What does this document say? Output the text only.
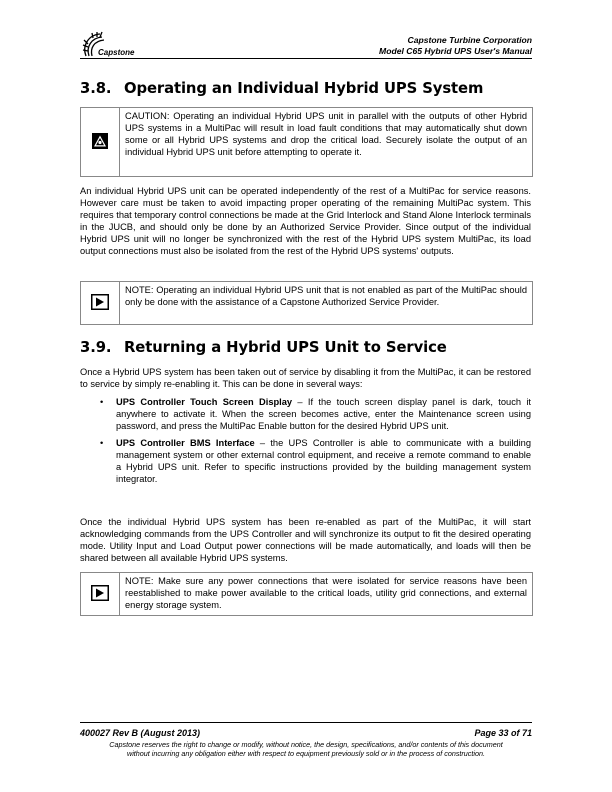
Capstone
Capstone Turbine Corporation
Model C65 Hybrid UPS User's Manual
3.8. Operating an Individual Hybrid UPS System
CAUTION: Operating an individual Hybrid UPS unit in parallel with the outputs of other Hybrid UPS systems in a MultiPac will result in load fault conditions that may automatically shut down some or all Hybrid UPS systems and drop the critical load. Securely isolate the output of an individual Hybrid UPS unit before attempting to operate it.

An individual Hybrid UPS unit can be operated independently of the rest of a MultiPac for service reasons. However care must be taken to avoid impacting proper operating of the remaining MultiPac system. This requires that temporary control connections be made at the Grid Interlock and Stand Alone Interlock terminals in the JUCB, and should only be done by an Authorized Service Provider. Since output of the individual Hybrid UPS unit will no longer be synchronized with the rest of the Hybrid UPS system MultiPac, its load output connections must also be isolated from the rest of the Hybrid UPS systems' outputs.

NOTE: Operating an individual Hybrid UPS unit that is not enabled as part of the MultiPac should only be done with the assistance of a Capstone Authorized Service Provider.
3.9. Returning a Hybrid UPS Unit to Service

Once a Hybrid UPS system has been taken out of service by disabling it from the MultiPac, it can be restored to service by simply re-enabling it. This can be done in several ways:

• UPS Controller Touch Screen Display – If the touch screen display panel is dark, touch it anywhere to activate it. When the screen becomes active, enter the Maintenance screen using password, and press the MultiPac Enable button for the desired Hybrid UPS unit.
• UPS Controller BMS Interface – the UPS Controller is able to communicate with a building management system or other external control equipment, and receive a remote command to enable a Hybrid UPS unit. Refer to specific instructions provided by the building management system integrator.

Once the individual Hybrid UPS system has been re-enabled as part of the MultiPac, it will start acknowledging commands from the UPS Controller and will synchronize its output to fit the desired operating mode. Utility Input and Load Output power connections will be made automatically, and loads will then be shared between all available Hybrid UPS systems.

NOTE: Make sure any power connections that were isolated for service reasons have been reestablished to make power available to the critical loads, utility grid connections, and external energy storage system.
400027 Rev B (August 2013)	Page 33 of 71
Capstone reserves the right to change or modify, without notice, the design, specifications, and/or contents of this document
without incurring any obligation either with respect to equipment previously sold or in the process of construction.
